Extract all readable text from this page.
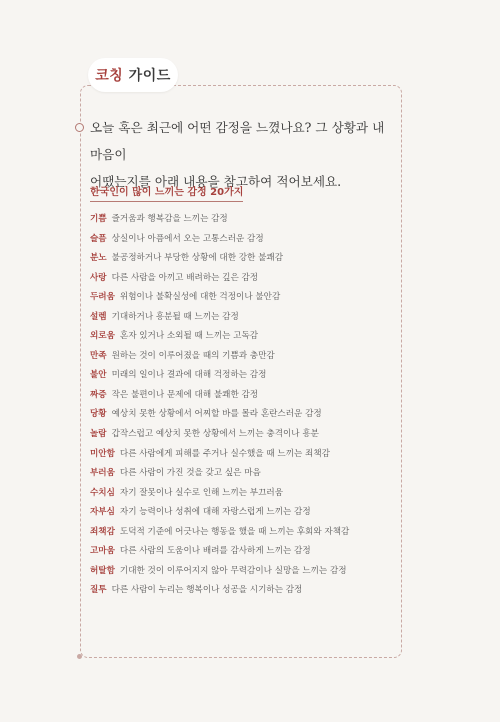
코칭 가이드
오늘 혹은 최근에 어떤 감정을 느꼈나요? 그 상황과 내 마음이
어땠는지를 아래 내용을 참고하여 적어보세요.
한국인이 많이 느끼는 감정 20가지
기쁨 즐거움과 행복감을 느끼는 감정
슬픔 상실이나 아픔에서 오는 고통스러운 감정
분노 불공정하거나 부당한 상황에 대한 강한 불쾌감
사랑 다른 사람을 아끼고 배려하는 깊은 감정
두려움 위험이나 불확실성에 대한 걱정이나 불안감
설렘 기대하거나 흥분될 때 느끼는 감정
외로움 혼자 있거나 소외될 때 느끼는 고독감
만족 원하는 것이 이루어졌을 때의 기쁨과 충만감
불안 미래의 일이나 결과에 대해 걱정하는 감정
짜증 작은 불편이나 문제에 대해 불쾌한 감정
당황 예상치 못한 상황에서 어찌할 바를 몰라 혼란스러운 감정
놀람 갑작스럽고 예상치 못한 상황에서 느끼는 충격이나 흥분
미안함 다른 사람에게 피해를 주거나 실수했을 때 느끼는 죄책감
부러움 다른 사람이 가진 것을 갖고 싶은 마음
수치심 자기 잘못이나 실수로 인해 느끼는 부끄러움
자부심 자기 능력이나 성취에 대해 자랑스럽게 느끼는 감정
죄책감 도덕적 기준에 어긋나는 행동을 했을 때 느끼는 후회와 자책감
고마움 다른 사람의 도움이나 배려를 감사하게 느끼는 감정
허탈함 기대한 것이 이루어지지 않아 무력감이나 실망을 느끼는 감정
질투 다른 사람이 누리는 행복이나 성공을 시기하는 감정
